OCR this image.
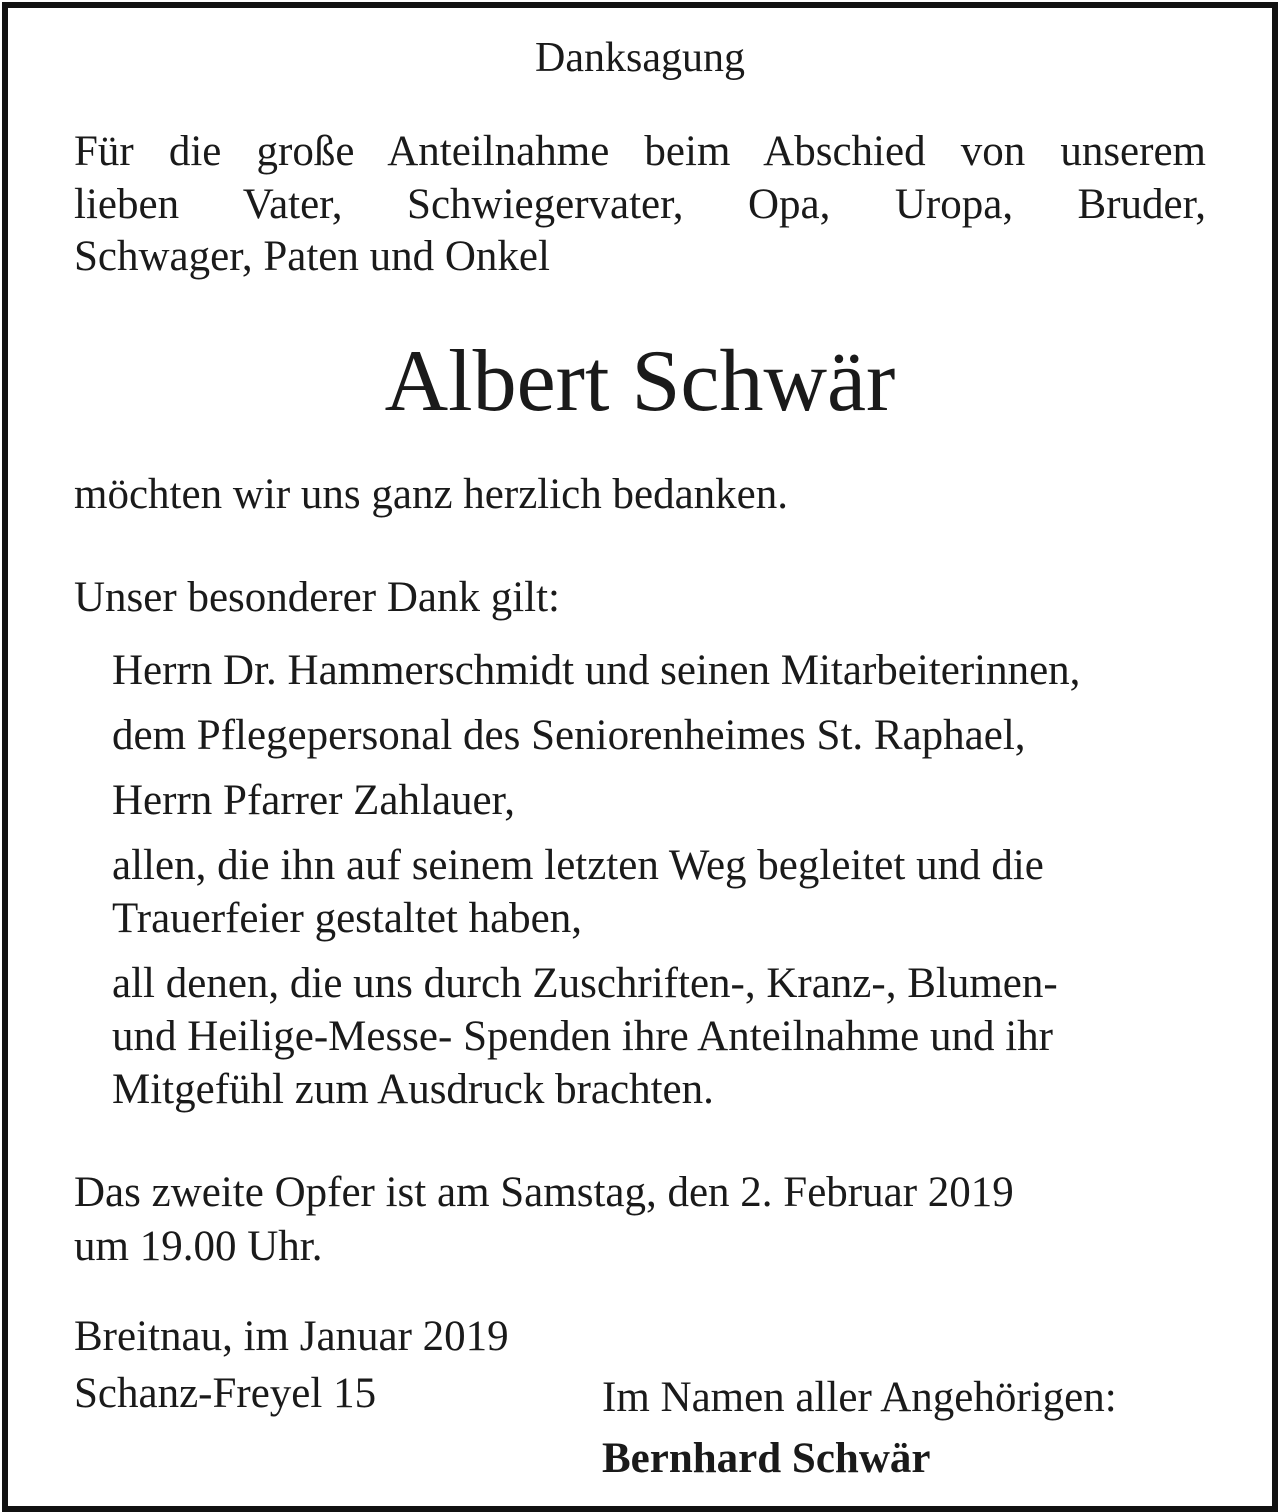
Danksagung

Für die große Anteilnahme beim Abschied von unserem
lieben Vater, Schwiegervater, Opa, Uropa, Bruder,
Schwager, Paten und Onkel

Albert Schwär

möchten wir uns ganz herzlich bedanken.

Unser besonderer Dank gilt:

Herrn Dr. Hammerschmidt und seinen Mitarbeiterinnen,

dem Pflegepersonal des Seniorenheimes St. Raphael,

Herrn Pfarrer Zahlauer,

allen, die ihn auf seinem letzten Weg begleitet und die

Trauerfeier gestaltet haben,

all denen, die uns durch Zuschriften-, Kranz-, Blumen-

und Heilige-Messe- Spenden ihre Anteilnahme und ihr

Mitgefühl zum Ausdruck brachten.

Das zweite Opfer ist am Samstag, den 2. Februar 2019

um 19.00 Uhr.

Breitnau, im Januar 2019

Schanz-Freyel 15	Im Namen aller Angehörigen:

Bernhard Schwär
